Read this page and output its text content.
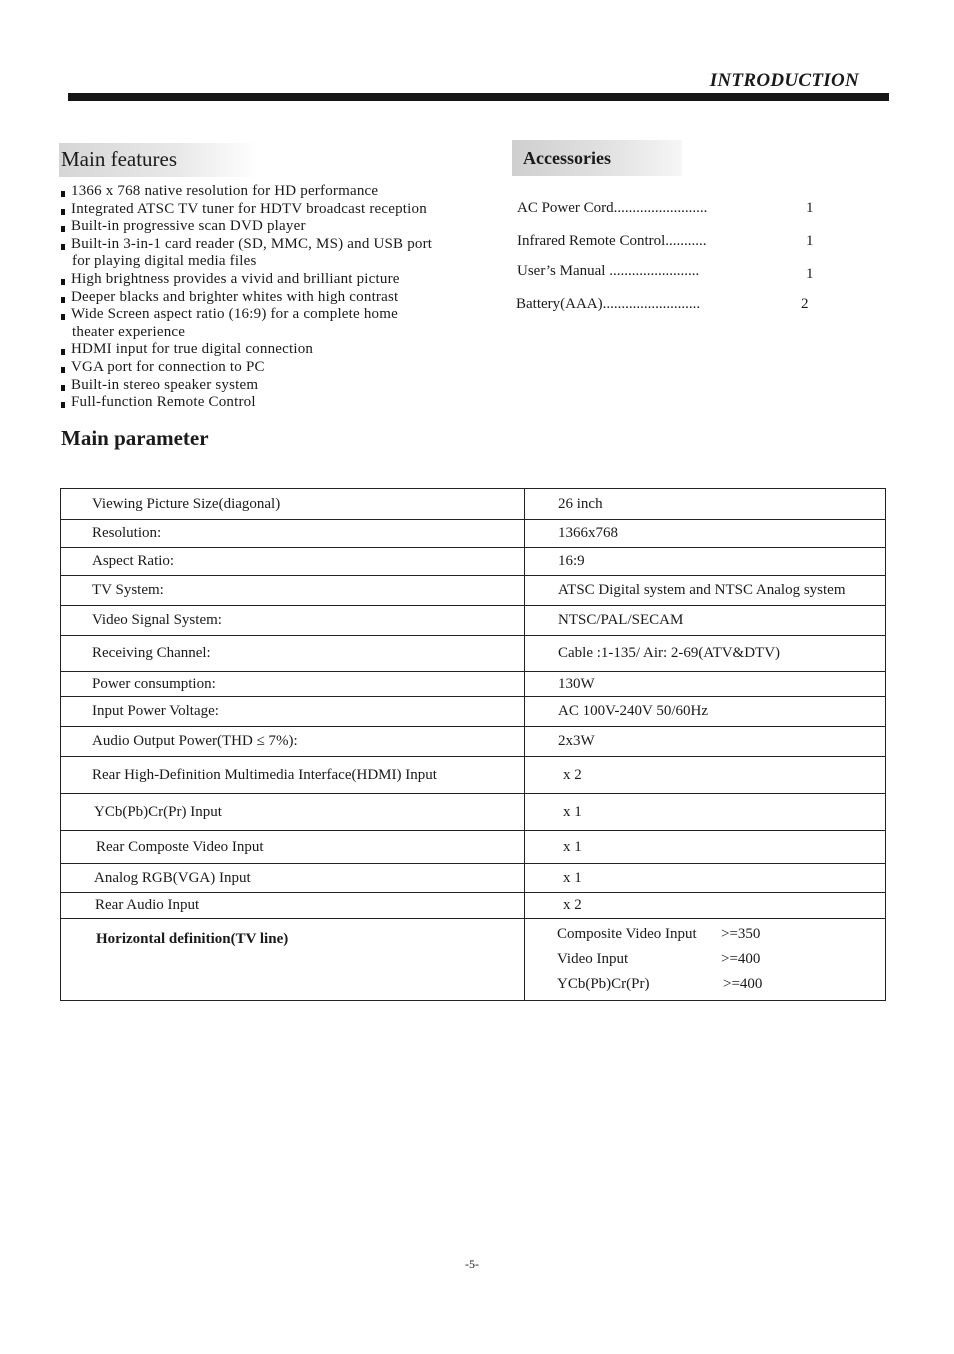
INTRODUCTION
Main features
1366 x 768 native resolution for HD performance
Integrated ATSC TV tuner for HDTV broadcast reception
Built-in progressive scan DVD player
Built-in 3-in-1 card reader (SD, MMC, MS) and USB port
for playing digital media files
High brightness provides a vivid and brilliant picture
Deeper blacks and brighter whites with high contrast
Wide Screen aspect ratio (16:9) for a complete home
theater experience
HDMI input for true digital connection
VGA port for connection to PC
Built-in stereo speaker system
Full-function Remote Control
Accessories
AC Power Cord.........................	1
Infrared Remote Control...........	1
User’s Manual ........................	1
Battery(AAA)..........................	2
Main parameter
Viewing Picture Size(diagonal)	26 inch
Resolution:	1366x768
Aspect Ratio:	16:9
TV System:	ATSC Digital system and NTSC Analog system
Video Signal System:	NTSC/PAL/SECAM
Receiving Channel:	Cable :1-135/ Air: 2-69(ATV&DTV)
Power consumption:	130W
Input Power Voltage:	AC 100V-240V 50/60Hz
Audio Output Power(THD ≤ 7%):	2x3W
Rear High-Definition Multimedia Interface(HDMI) Input	x 2
YCb(Pb)Cr(Pr) Input	x 1
Rear Composte Video Input	x 1
Analog RGB(VGA) Input	x 1
Rear Audio Input	x 2
Horizontal definition(TV line)	Composite Video Input >=350
Video Input >=400
YCb(Pb)Cr(Pr) >=400
-5-
